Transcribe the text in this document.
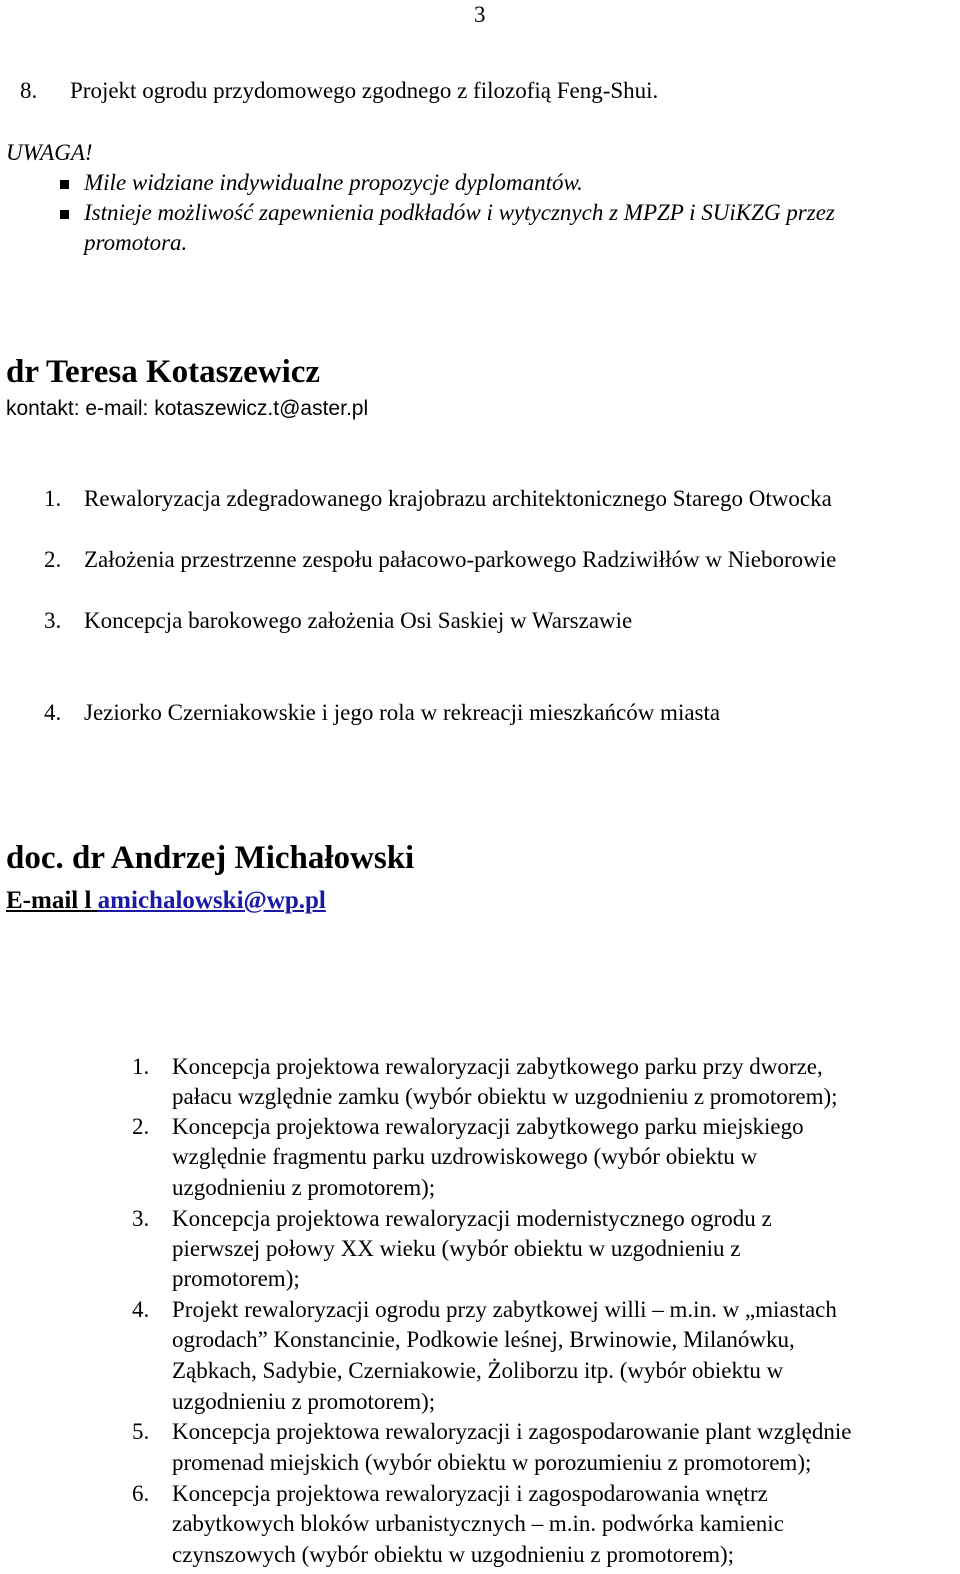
3
8. Projekt ogrodu przydomowego zgodnego z filozofią Feng-Shui.
UWAGA!
Mile widziane indywidualne propozycje dyplomantów.
Istnieje możliwość zapewnienia podkładów i wytycznych z MPZP i SUiKZG przez
promotora.
dr Teresa Kotaszewicz
kontakt: e-mail: kotaszewicz.t@aster.pl
1. Rewaloryzacja zdegradowanego krajobrazu architektonicznego Starego Otwocka
2. Założenia przestrzenne zespołu pałacowo-parkowego Radziwiłłów w Nieborowie
3. Koncepcja barokowego założenia Osi Saskiej w Warszawie
4. Jeziorko Czerniakowskie i jego rola w rekreacji mieszkańców miasta
doc. dr Andrzej Michałowski
E-mail l amichalowski@wp.pl
1. Koncepcja projektowa rewaloryzacji zabytkowego parku przy dworze,
pałacu względnie zamku (wybór obiektu w uzgodnieniu z promotorem);
2. Koncepcja projektowa rewaloryzacji zabytkowego parku miejskiego
względnie fragmentu parku uzdrowiskowego (wybór obiektu w
uzgodnieniu z promotorem);
3. Koncepcja projektowa rewaloryzacji modernistycznego ogrodu z
pierwszej połowy XX wieku (wybór obiektu w uzgodnieniu z
promotorem);
4. Projekt rewaloryzacji ogrodu przy zabytkowej willi – m.in. w „miastach
ogrodach” Konstancinie, Podkowie leśnej, Brwinowie, Milanówku,
Ząbkach, Sadybie, Czerniakowie, Żoliborzu itp. (wybór obiektu w
uzgodnieniu z promotorem);
5. Koncepcja projektowa rewaloryzacji i zagospodarowanie plant względnie
promenad miejskich (wybór obiektu w porozumieniu z promotorem);
6. Koncepcja projektowa rewaloryzacji i zagospodarowania wnętrz
zabytkowych bloków urbanistycznych – m.in. podwórka kamienic
czynszowych (wybór obiektu w uzgodnieniu z promotorem);
